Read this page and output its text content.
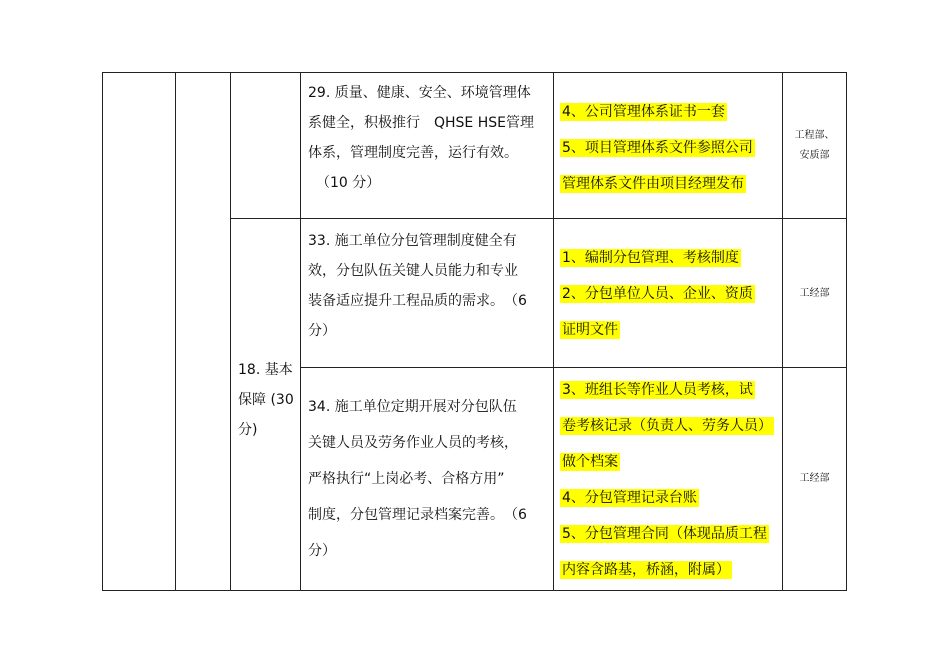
18. 基本
保障 (30
分)
29. 质量、健康、安全、环境管理体
系健全，积极推行　QHSE HSE管理
体系，管理制度完善，运行有效。
（10 分）
4、公司管理体系证书一套
5、项目管理体系文件参照公司
管理体系文件由项目经理发布
工程部、
安质部
33. 施工单位分包管理制度健全有
效，分包队伍关键人员能力和专业
装备适应提升工程品质的需求。　（6
分）
1、编制分包管理、考核制度
2、分包单位人员、企业、资质
证明文件
工经部
34. 施工单位定期开展对分包队伍
关键人员及劳务作业人员的考核，
严格执行“上岗必考、合格方用”
制度，分包管理记录档案完善。　（6
分）
3、班组长等作业人员考核，试
卷考核记录（负责人、劳务人员）
做个档案
4、分包管理记录台账
5、分包管理合同（体现品质工程
内容含路基，桥涵，附属）
工经部
